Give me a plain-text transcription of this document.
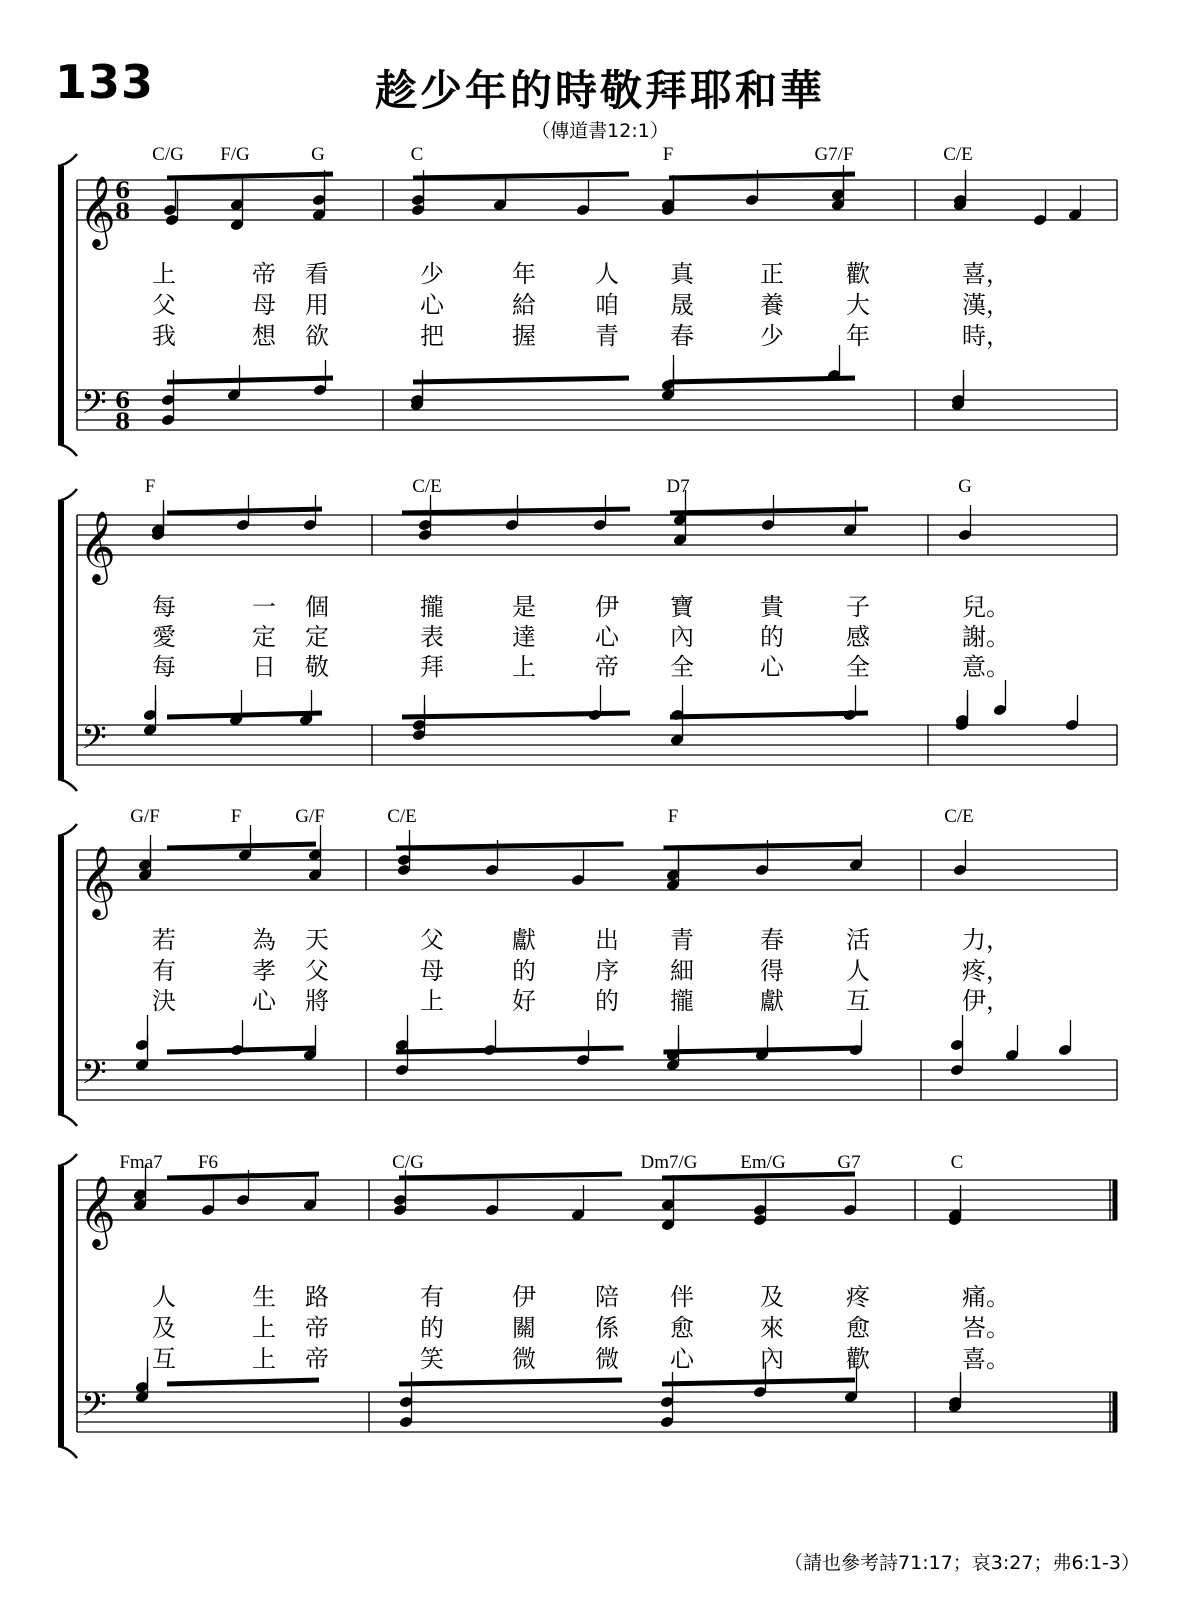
133	趁少年的時敬拜耶和華
（傳道書12:1）
𝄞
𝄢
6
8
6
8
C/G F/G	G	C	F	G7/F	C/E
上	帝 看	少	年 人 真	正	歡	喜，
父	母 用	心	給 咱 晟	養	大	漢，
我	想 欲	把	握 青 春	少	年	時，
𝄞
𝄢
F	C/E	D7	G
每	一 個	攏	是 伊 寶	貴	子	兒。
愛	定 定	表	達 心 內	的	感	謝。
每	日 敬	拜	上 帝 全	心	全	意。
𝄞
𝄢
G/F	F	G/F	C/E	F	C/E
若	為 天	父	獻 出 青	春	活	力，
有	孝 父	母	的 序 細	得	人	疼，
決	心 將	上	好 的 攏	獻	互	伊，
𝄞
𝄢
Fma7 F6	C/G	Dm7/G Em/G	G7	C
人	生 路	有	伊 陪 伴	及	疼	痛。
及	上 帝	的	關 係 愈	來	愈	峇。
互	上 帝	笑	微 微 心	內	歡	喜。
（請也參考詩71:17；哀3:27；弗6:1-3）
